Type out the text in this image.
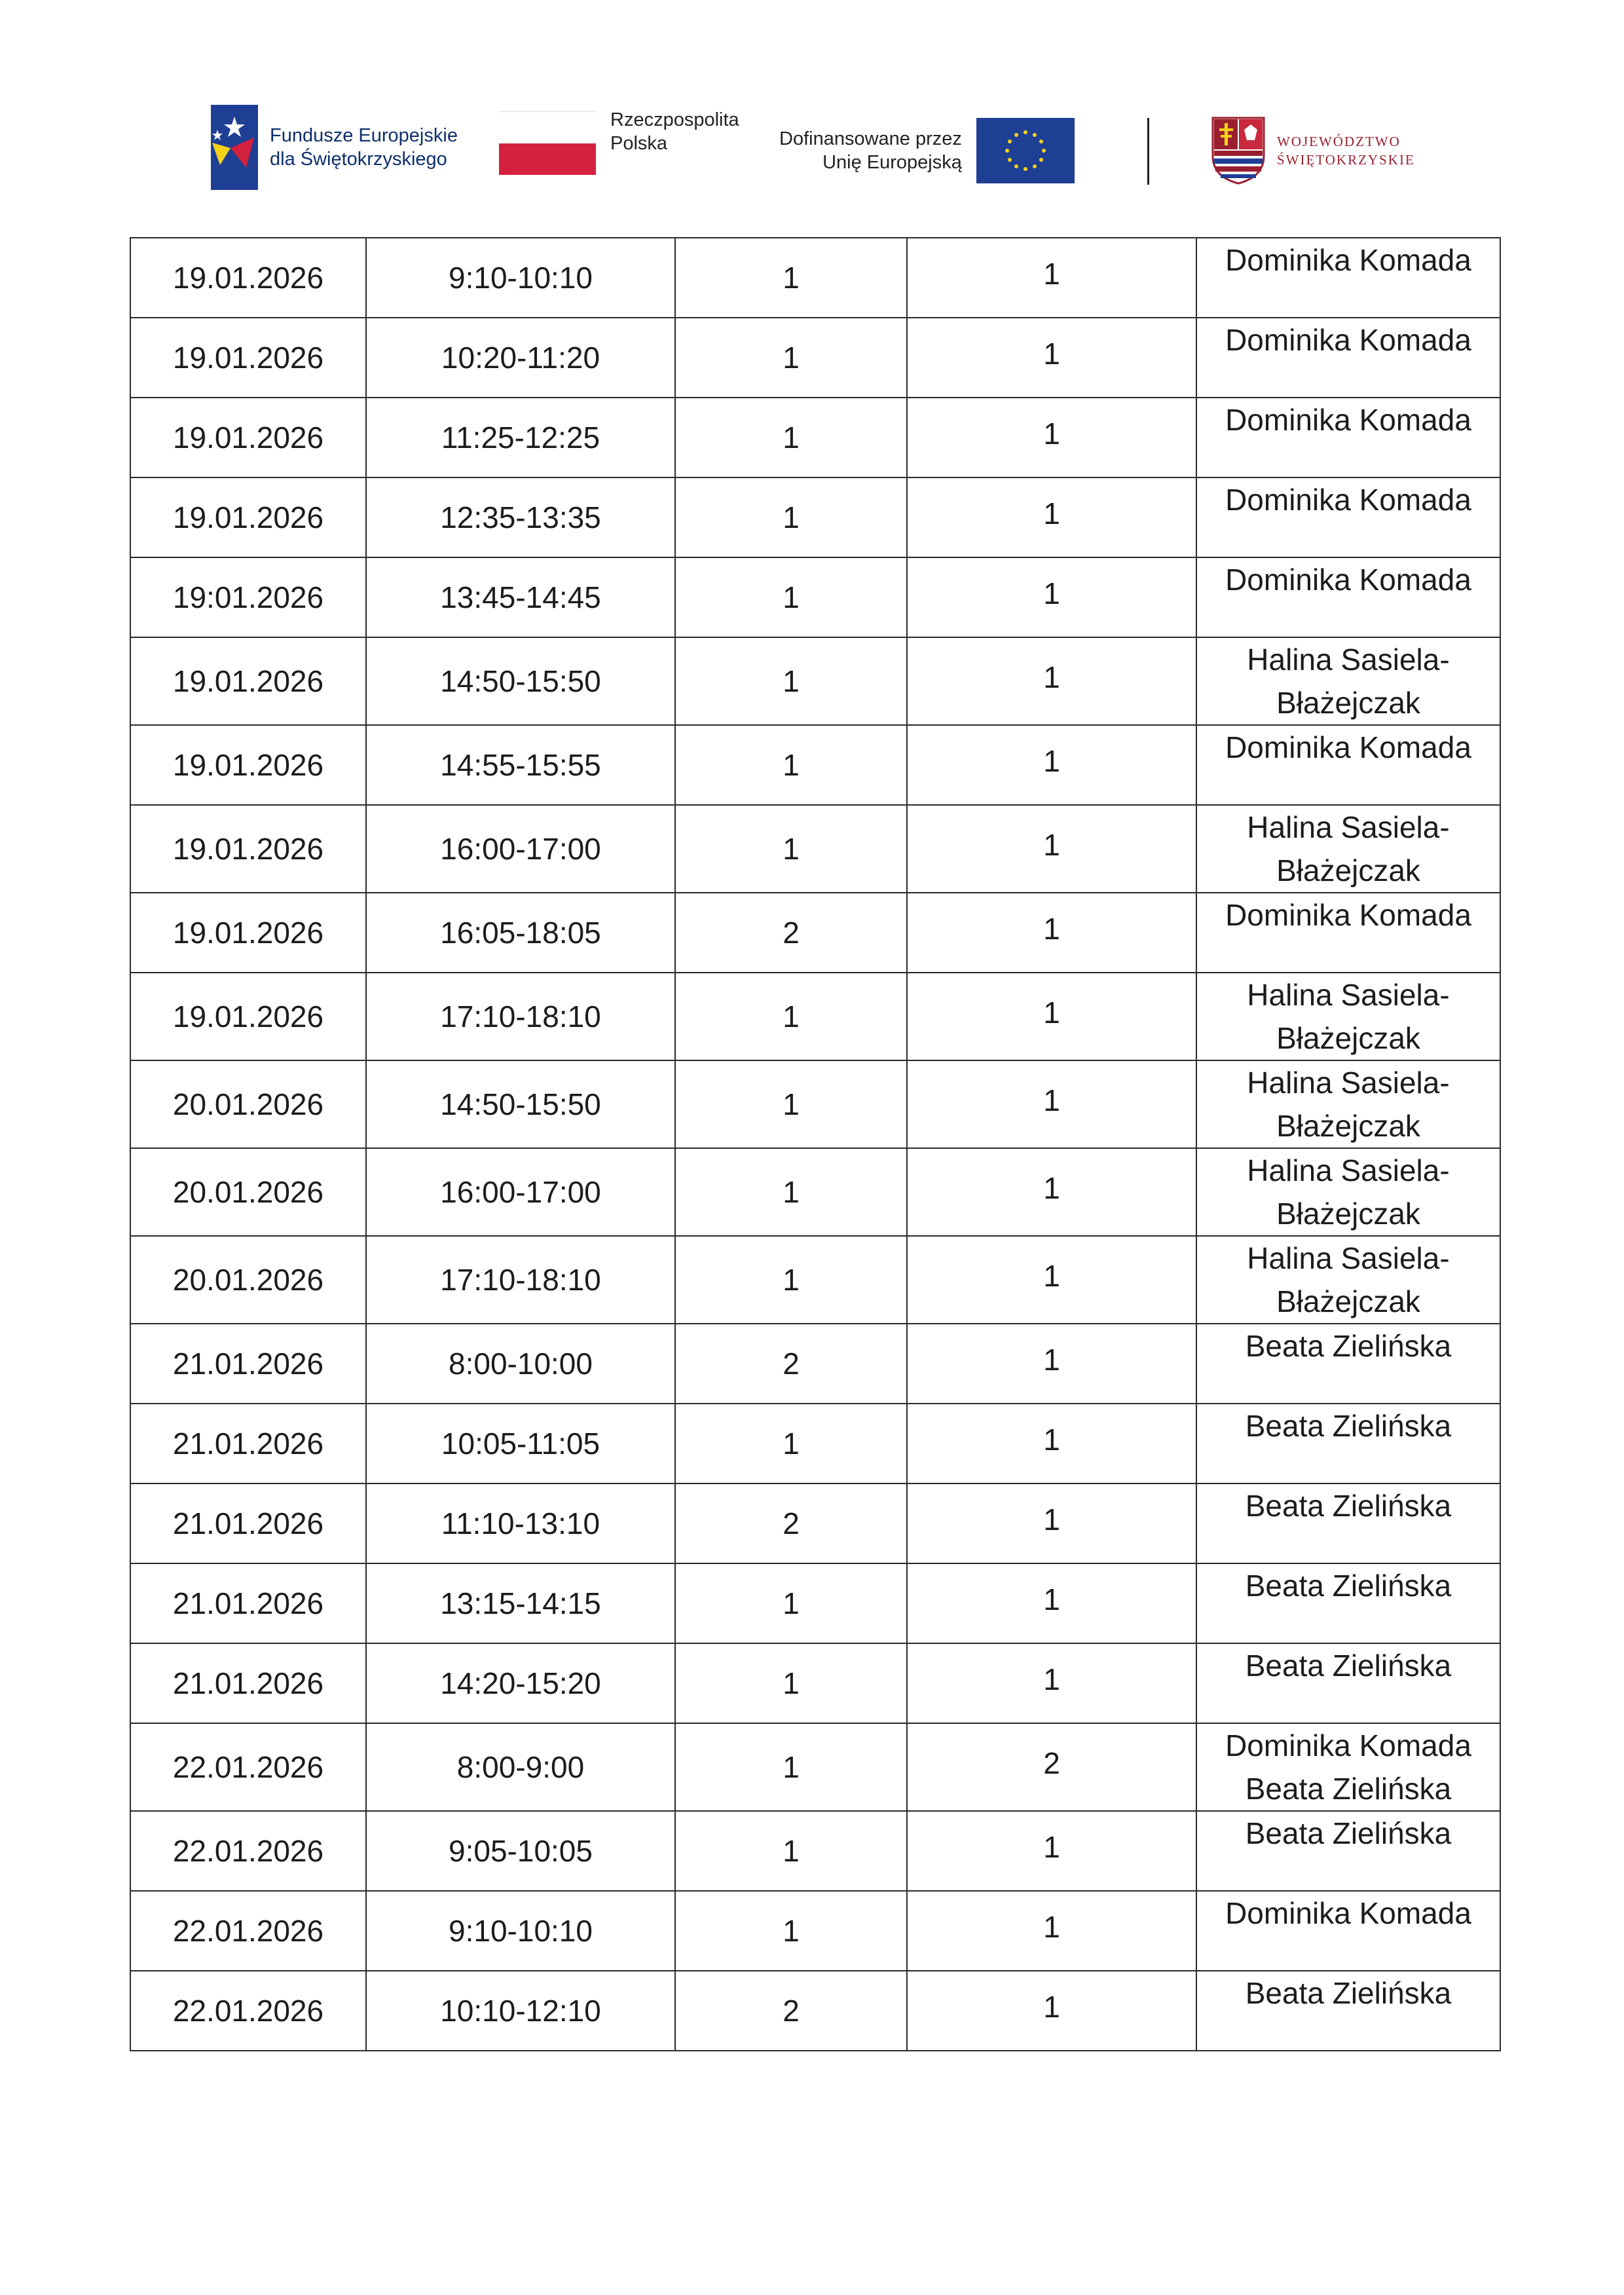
Fundusze Europejskie
dla Świętokrzyskiego
Rzeczpospolita
Polska	Dofinansowane przez
Unię Europejską
WOJEWÓDZTWO
ŚWIĘTOKRZYSKIE
19.01.2026	9:10-10:10	1	1	Dominika Komada

19.01.2026	10:20-11:20	1	1	Dominika Komada

19.01.2026	11:25-12:25	1	1	Dominika Komada

19.01.2026	12:35-13:35	1	1	Dominika Komada

19:01.2026	13:45-14:45	1	1	Dominika Komada

19.01.2026	14:50-15:50	1	1	Halina Sasiela-
Błażejczak

19.01.2026	14:55-15:55	1	1	Dominika Komada

19.01.2026	16:00-17:00	1	1	Halina Sasiela-
Błażejczak

19.01.2026	16:05-18:05	2	1	Dominika Komada

19.01.2026	17:10-18:10	1	1	Halina Sasiela-
Błażejczak

20.01.2026	14:50-15:50	1	1	Halina Sasiela-
Błażejczak

20.01.2026	16:00-17:00	1	1	Halina Sasiela-
Błażejczak

20.01.2026	17:10-18:10	1	1	Halina Sasiela-
Błażejczak

21.01.2026	8:00-10:00	2	1	Beata Zielińska

21.01.2026	10:05-11:05	1	1	Beata Zielińska

21.01.2026	11:10-13:10	2	1	Beata Zielińska

21.01.2026	13:15-14:15	1	1	Beata Zielińska

21.01.2026	14:20-15:20	1	1	Beata Zielińska

22.01.2026	8:00-9:00	1	2	Dominika Komada
Beata Zielińska

22.01.2026	9:05-10:05	1	1	Beata Zielińska

22.01.2026	9:10-10:10	1	1	Dominika Komada

22.01.2026	10:10-12:10	2	1	Beata Zielińska
